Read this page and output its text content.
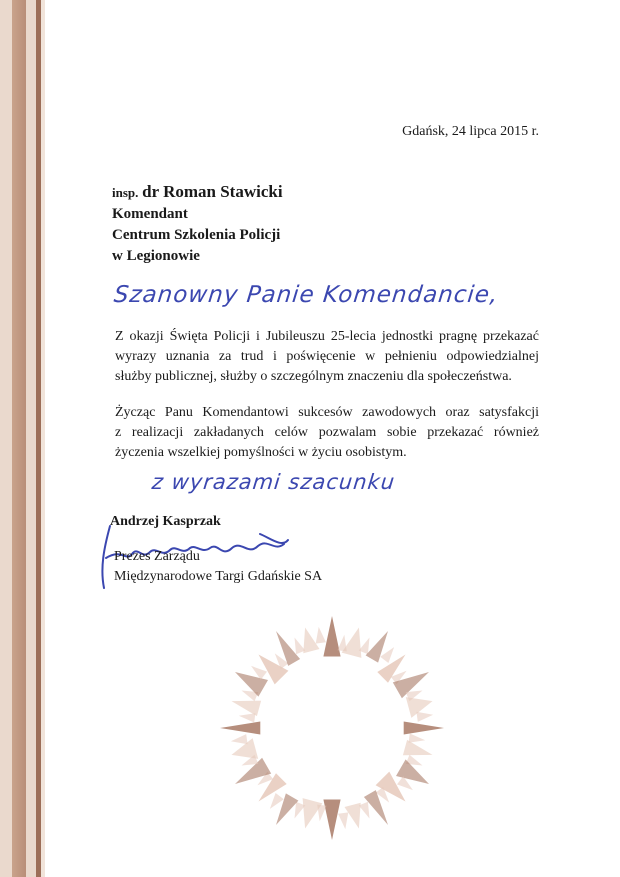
Gdańsk, 24 lipca 2015 r.
insp. dr Roman Stawicki
Komendant
Centrum Szkolenia Policji
w Legionowie
Szanowny Panie Komendancie,
Z okazji Święta Policji i Jubileuszu 25-lecia jednostki pragnę przekazać
wyrazy uznania za trud i poświęcenie w pełnieniu odpowiedzialnej
służby publicznej, służby o szczególnym znaczeniu dla społeczeństwa.
Życząc Panu Komendantowi sukcesów zawodowych oraz satysfakcji
z realizacji zakładanych celów pozwalam sobie przekazać również
życzenia wszelkiej pomyślności w życiu osobistym.
z wyrazami szacunku
Andrzej Kasprzak
Prezes Zarządu
Międzynarodowe Targi Gdańskie SA
